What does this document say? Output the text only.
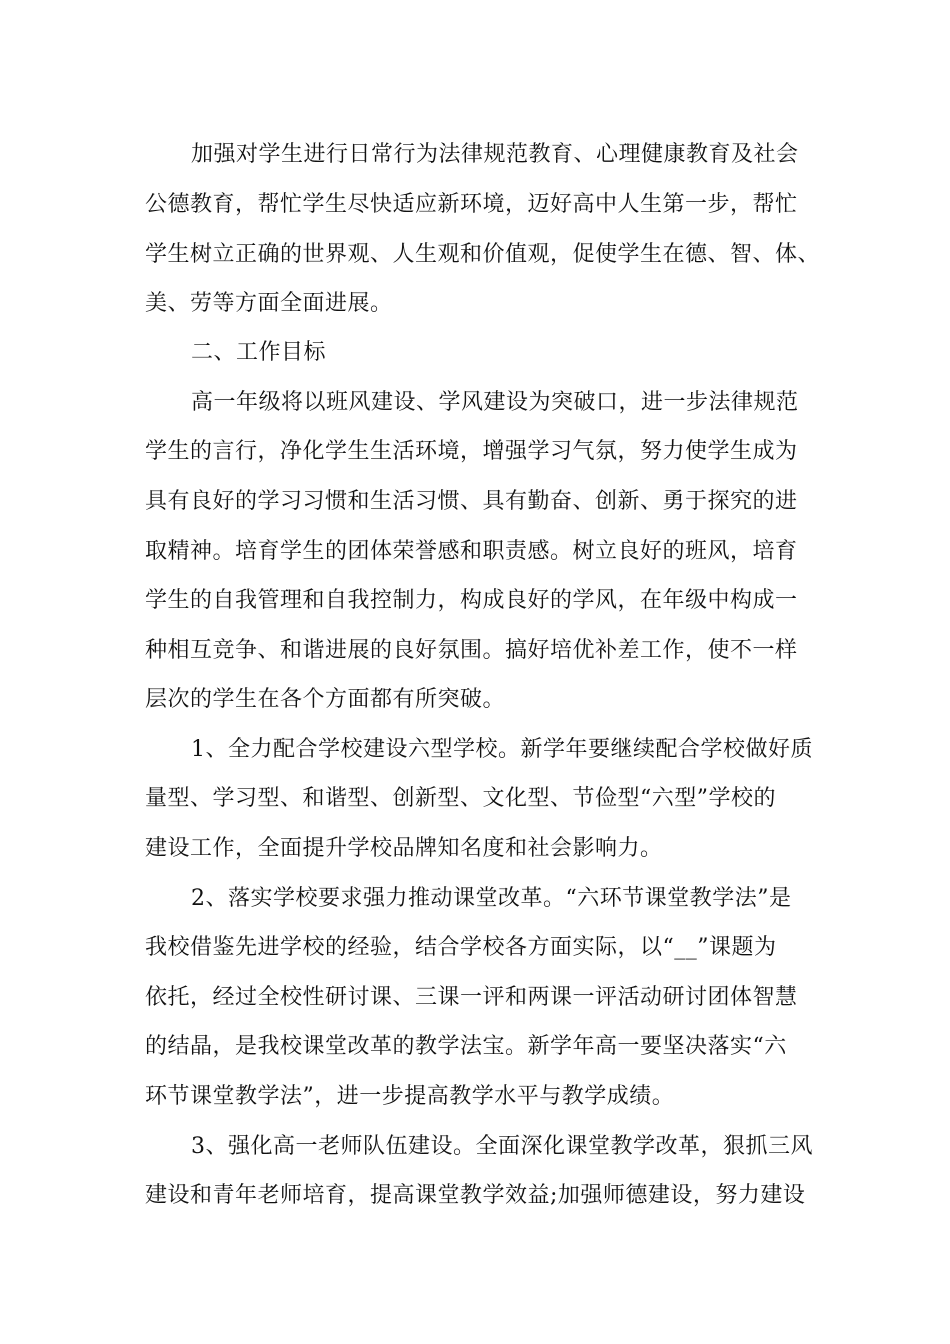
加强对学生进行日常行为法律规范教育、心理健康教育及社会
公德教育，帮忙学生尽快适应新环境，迈好高中人生第一步，帮忙
学生树立正确的世界观、人生观和价值观，促使学生在德、智、体、
美、劳等方面全面进展。
二、工作目标
高一年级将以班风建设、学风建设为突破口，进一步法律规范
学生的言行，净化学生生活环境，增强学习气氛，努力使学生成为
具有良好的学习习惯和生活习惯、具有勤奋、创新、勇于探究的进
取精神。培育学生的团体荣誉感和职责感。树立良好的班风，培育
学生的自我管理和自我控制力，构成良好的学风，在年级中构成一
种相互竞争、和谐进展的良好氛围。搞好培优补差工作，使不一样
层次的学生在各个方面都有所突破。
1、全力配合学校建设六型学校。新学年要继续配合学校做好质
量型、学习型、和谐型、创新型、文化型、节俭型“六型”学校的
建设工作，全面提升学校品牌知名度和社会影响力。
2、落实学校要求强力推动课堂改革。“六环节课堂教学法”是
我校借鉴先进学校的经验，结合学校各方面实际，以“__”课题为
依托，经过全校性研讨课、三课一评和两课一评活动研讨团体智慧
的结晶，是我校课堂改革的教学法宝。新学年高一要坚决落实“六
环节课堂教学法”，进一步提高教学水平与教学成绩。
3、强化高一老师队伍建设。全面深化课堂教学改革，狠抓三风
建设和青年老师培育，提高课堂教学效益;加强师德建设，努力建设
